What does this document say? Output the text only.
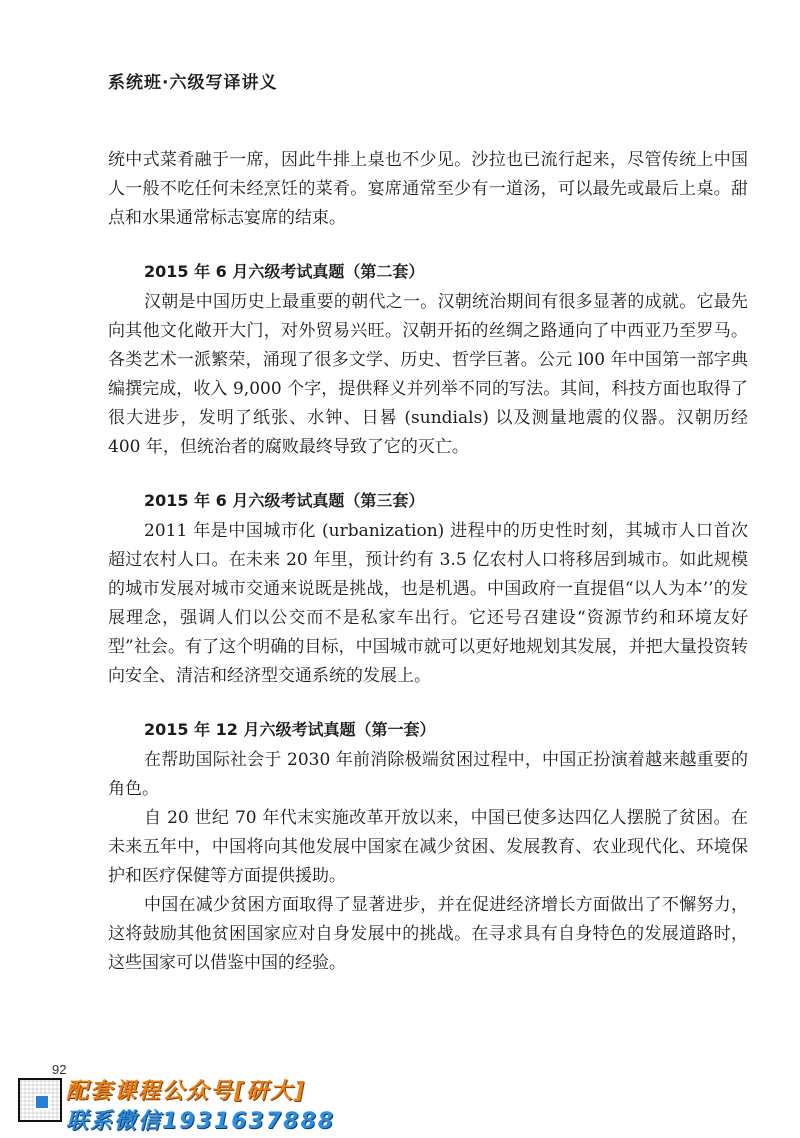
系统班·六级写译讲义

统中式菜肴融于一席，因此牛排上桌也不少见。沙拉也已流行起来，尽管传统上中国人一般不吃任何未经烹饪的菜肴。宴席通常至少有一道汤，可以最先或最后上桌。甜点和水果通常标志宴席的结束。

2015 年 6 月六级考试真题（第二套）

汉朝是中国历史上最重要的朝代之一。汉朝统治期间有很多显著的成就。它最先向其他文化敞开大门，对外贸易兴旺。汉朝开拓的丝绸之路通向了中西亚乃至罗马。各类艺术一派繁荣，涌现了很多文学、历史、哲学巨著。公元 l00 年中国第一部字典编撰完成，收入 9,000 个字，提供释义并列举不同的写法。其间，科技方面也取得了很大进步，发明了纸张、水钟、日晷 (sundials) 以及测量地震的仪器。汉朝历经 400 年，但统治者的腐败最终导致了它的灭亡。

2015 年 6 月六级考试真题（第三套）

2011 年是中国城市化 (urbanization) 进程中的历史性时刻，其城市人口首次超过农村人口。在未来 20 年里，预计约有 3.5 亿农村人口将移居到城市。如此规模的城市发展对城市交通来说既是挑战，也是机遇。中国政府一直提倡“以人为本’’的发展理念，强调人们以公交而不是私家车出行。它还号召建设“资源节约和环境友好型”社会。有了这个明确的目标，中国城市就可以更好地规划其发展，并把大量投资转向安全、清洁和经济型交通系统的发展上。

2015 年 12 月六级考试真题（第一套）

在帮助国际社会于 2030 年前消除极端贫困过程中，中国正扮演着越来越重要的角色。

自 20 世纪 70 年代末实施改革开放以来，中国已使多达四亿人摆脱了贫困。在未来五年中，中国将向其他发展中国家在减少贫困、发展教育、农业现代化、环境保护和医疗保健等方面提供援助。

中国在减少贫困方面取得了显著进步，并在促进经济增长方面做出了不懈努力，这将鼓励其他贫困国家应对自身发展中的挑战。在寻求具有自身特色的发展道路时，这些国家可以借鉴中国的经验。

92
配套课程公众号[研大]
联系微信1931637888
